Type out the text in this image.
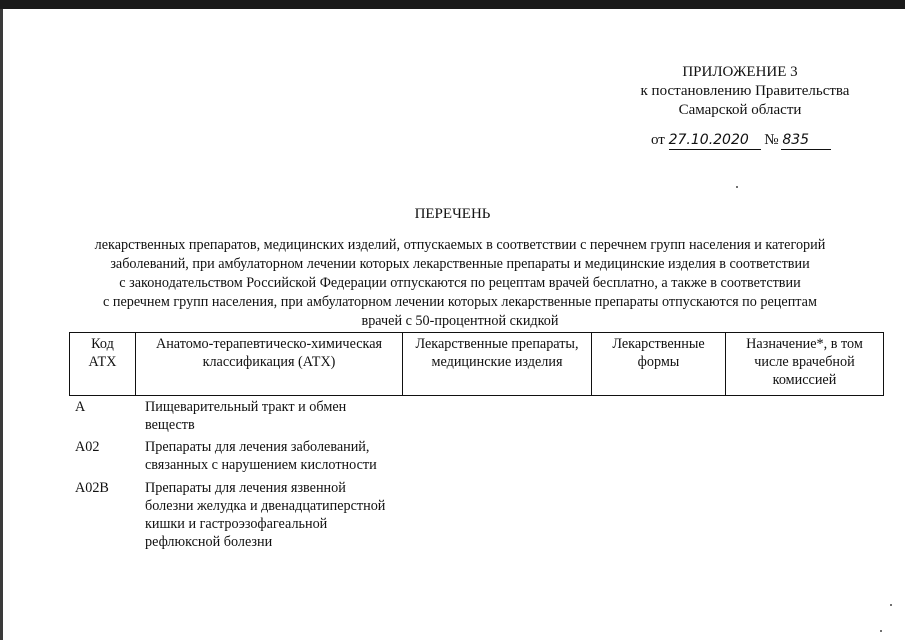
ПРИЛОЖЕНИЕ 3
к постановлению Правительства
Самарской области
от 27.10.2020 № 835
ПЕРЕЧЕНЬ
лекарственных препаратов, медицинских изделий, отпускаемых в соответствии с перечнем групп населения и категорий
заболеваний, при амбулаторном лечении которых лекарственные препараты и медицинские изделия в соответствии
с законодательством Российской Федерации отпускаются по рецептам врачей бесплатно, а также в соответствии
с перечнем групп населения, при амбулаторном лечении которых лекарственные препараты отпускаются по рецептам
врачей с 50-процентной скидкой
Код
АТХ

Анатомо-терапевтическо-химическая
классификация (АТХ)

Лекарственные препараты,
медицинские изделия

Лекарственные
формы

Назначение*, в том
числе врачебной
комиссией
A	Пищеварительный тракт и обмен
веществ
A02	Препараты для лечения заболеваний,
связанных с нарушением кислотности
A02B	Препараты для лечения язвенной
болезни желудка и двенадцатиперстной
кишки и гастроэзофагеальной
рефлюксной болезни
